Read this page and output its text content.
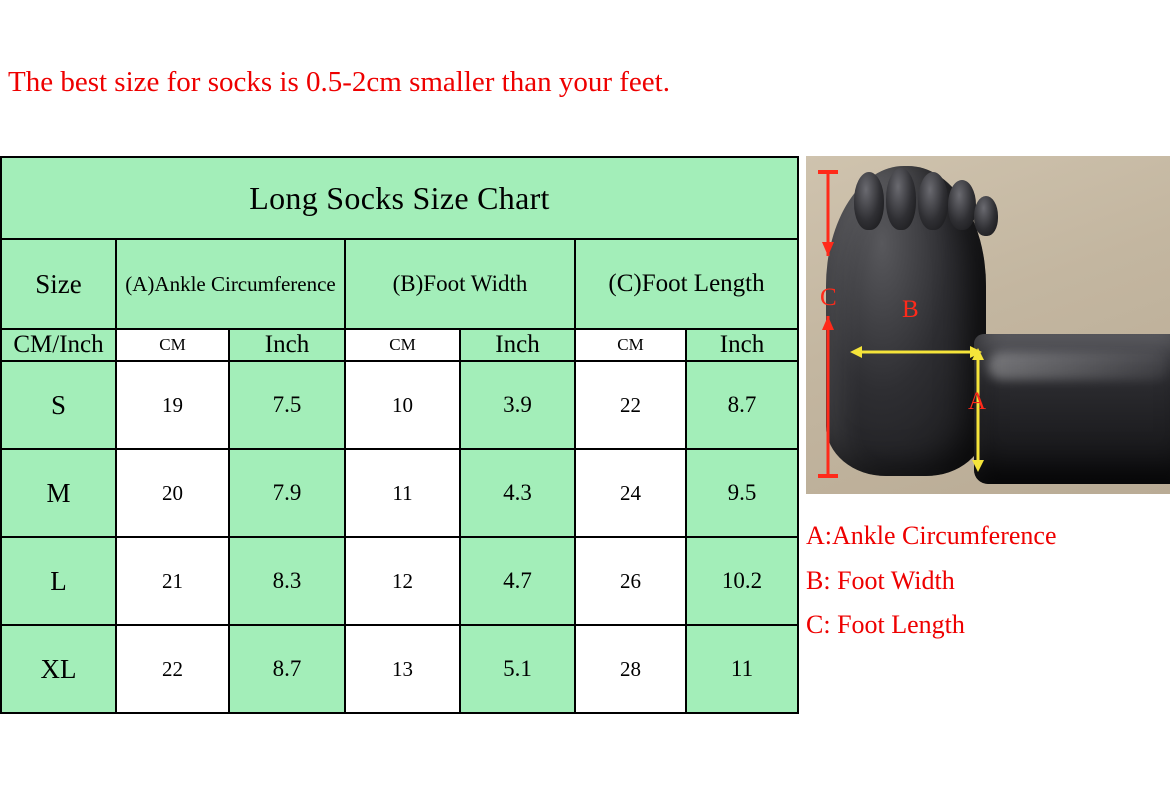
The best size for socks is 0.5-2cm smaller than your feet.
Long Socks Size Chart						
Size	(A)Ankle Circumference		(B)Foot Width		(C)Foot Length	
CM/Inch	CM	Inch	CM	Inch	CM	Inch
S	19	7.5	10	3.9	22	8.7
M	20	7.9	11	4.3	24	9.5
L	21	8.3	12	4.7	26	10.2
XL	22	8.7	13	5.1	28	11
C	B
A
A:Ankle Circumference
B: Foot Width
C: Foot Length
